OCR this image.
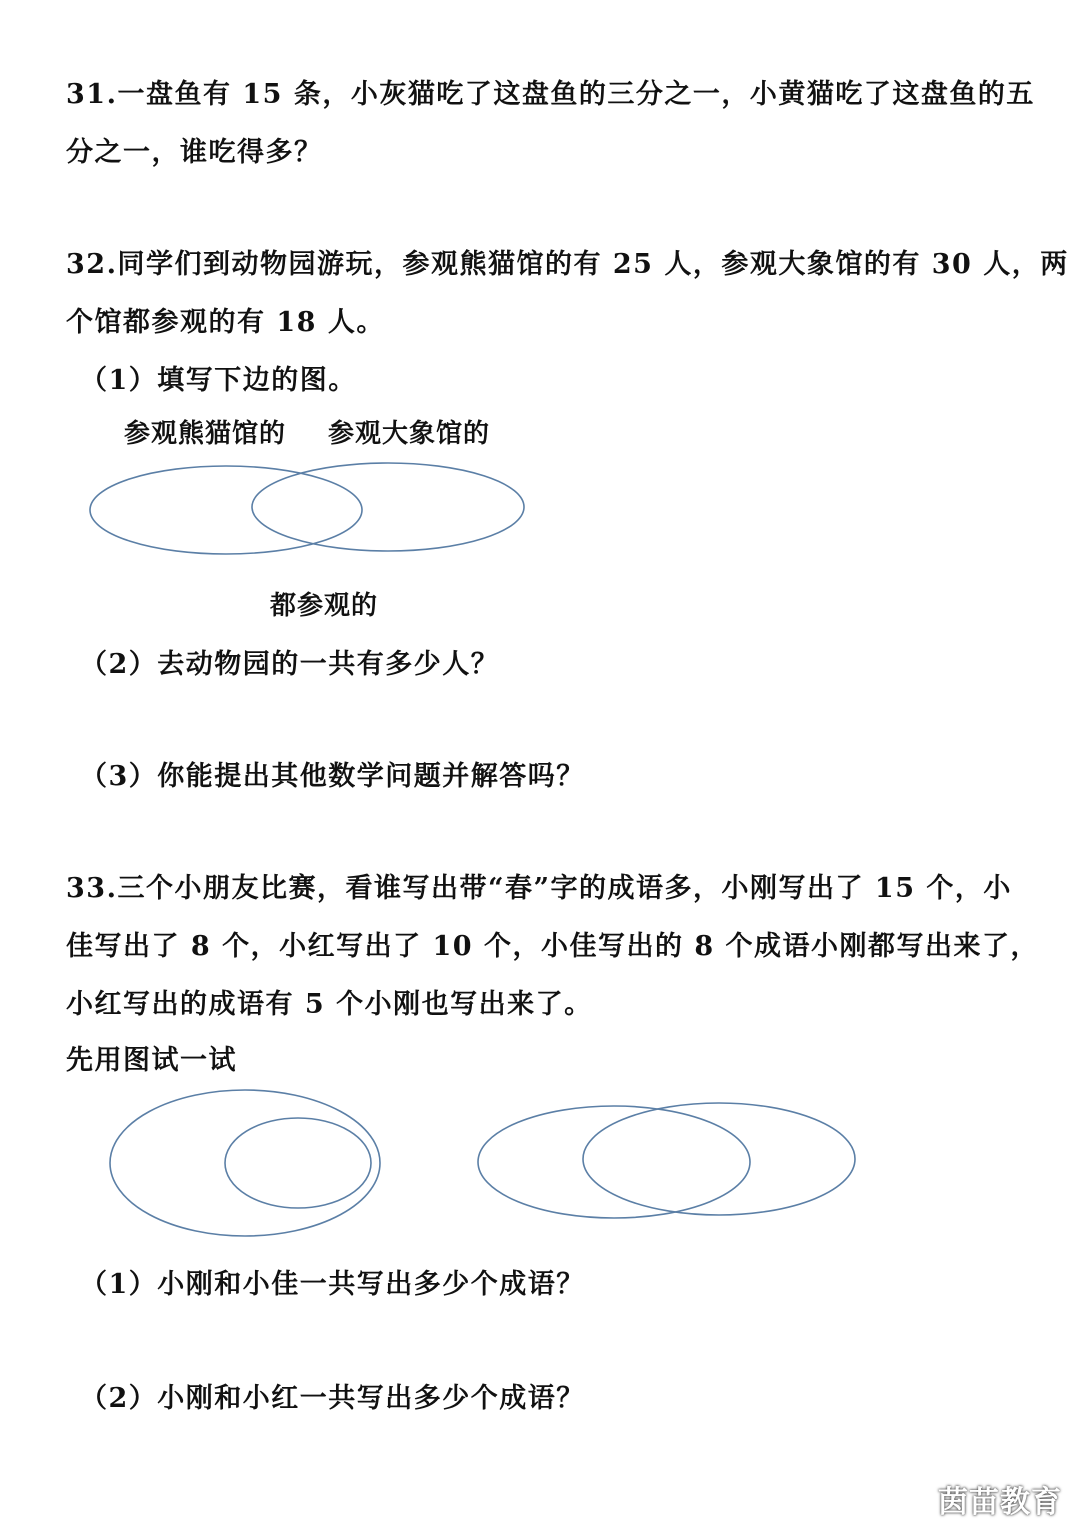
31.一盘鱼有 15 条，小灰猫吃了这盘鱼的三分之一，小黄猫吃了这盘鱼的五
分之一，谁吃得多？
32.同学们到动物园游玩，参观熊猫馆的有 25 人，参观大象馆的有 30 人，两
个馆都参观的有 18 人。
（1）填写下边的图。
参观熊猫馆的 参观大象馆的
都参观的
（2）去动物园的一共有多少人？
（3）你能提出其他数学问题并解答吗？
33.三个小朋友比赛，看谁写出带“春”字的成语多，小刚写出了 15 个，小
佳写出了 8 个，小红写出了 10 个，小佳写出的 8 个成语小刚都写出来了，
小红写出的成语有 5 个小刚也写出来了。
先用图试一试
（1）小刚和小佳一共写出多少个成语？
（2）小刚和小红一共写出多少个成语？
茵苗教育
